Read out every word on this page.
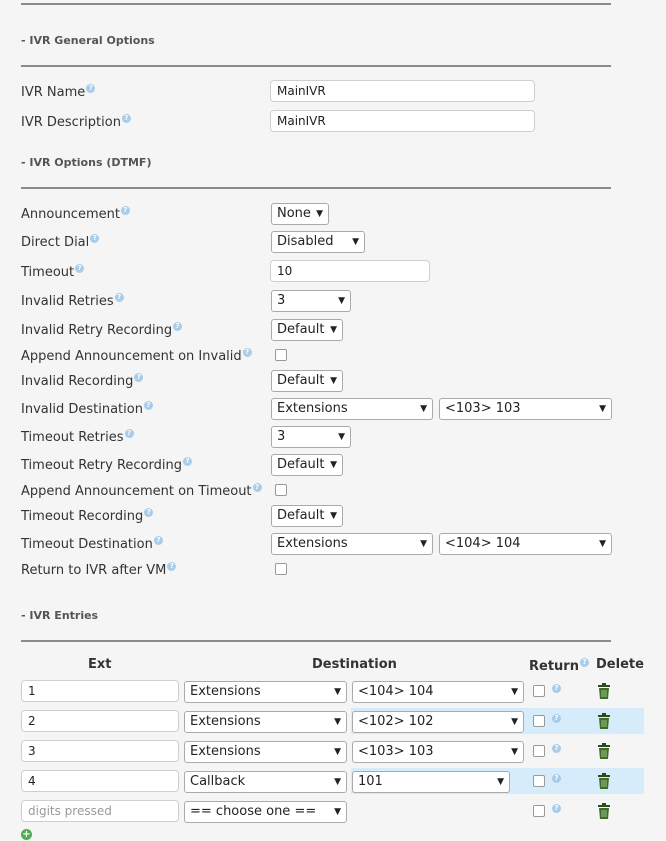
- IVR General Options
IVR Name ?	MainIVR
IVR Description ?	MainIVR
- IVR Options (DTMF)
Announcement ?	None ▼
Direct Dial ?	Disabled ▼
Timeout ?	10
Invalid Retries ?	3	▼
Invalid Retry Recording ?	Default ▼
Append Announcement on Invalid ?
Invalid Recording ?	Default ▼
Invalid Destination ?	Extensions	▼	<103> 103	▼
Timeout Retries ?	3	▼
Timeout Retry Recording ?	Default ▼
Append Announcement on Timeout ?
Timeout Recording ?	Default ▼
Timeout Destination ?	Extensions	▼	<104> 104	▼
Return to IVR after VM ?
- IVR Entries
Ext	Destination	Return ? Delete
1	Extensions	▼	<104> 104	▼	?
2	Extensions	▼	<102> 102	▼	?
3	Extensions	▼	<103> 103	▼	?
4	Callback	▼	101	▼	?
digits pressed	== choose one == ▼	?
+
